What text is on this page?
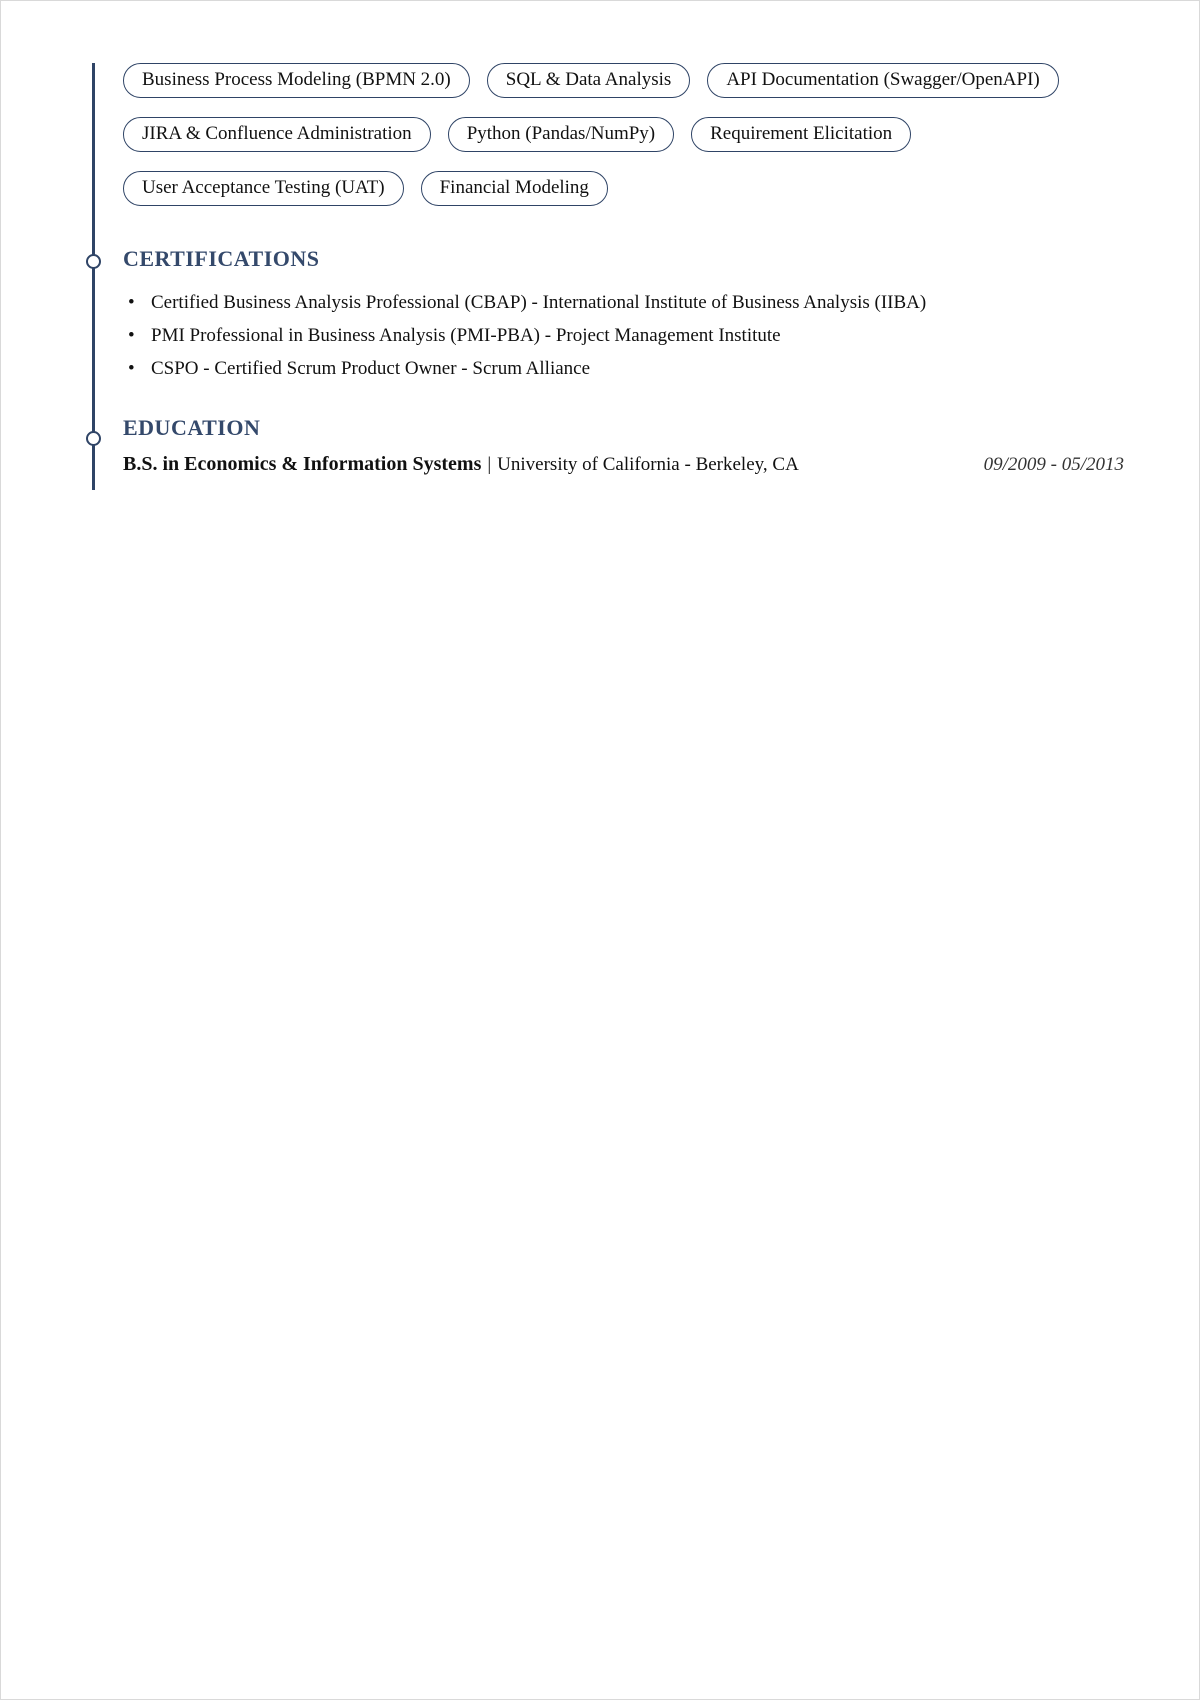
Business Process Modeling (BPMN 2.0)	SQL & Data Analysis	API Documentation (Swagger/OpenAPI)
JIRA & Confluence Administration	Python (Pandas/NumPy)	Requirement Elicitation
User Acceptance Testing (UAT)	Financial Modeling
CERTIFICATIONS
• Certified Business Analysis Professional (CBAP) - International Institute of Business Analysis (IIBA)
• PMI Professional in Business Analysis (PMI-PBA) - Project Management Institute
• CSPO - Certified Scrum Product Owner - Scrum Alliance
EDUCATION
B.S. in Economics & Information Systems | University of California - Berkeley, CA	09/2009 - 05/2013
